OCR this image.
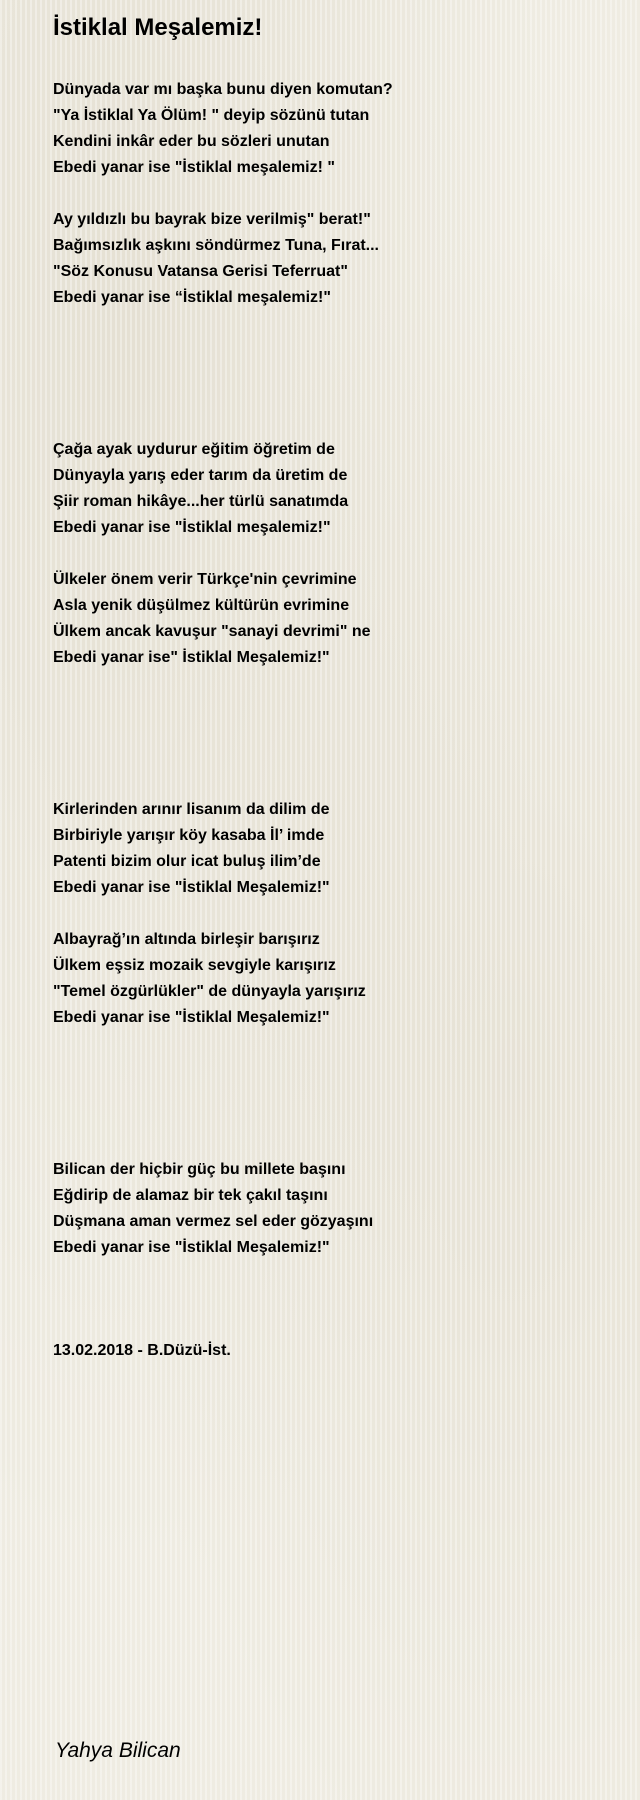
İstiklal Meşalemiz!
Dünyada var mı başka bunu diyen komutan?
"Ya İstiklal Ya Ölüm! " deyip sözünü tutan
Kendini inkâr eder bu sözleri unutan
Ebedi yanar ise "İstiklal meşalemiz! "
Ay yıldızlı bu bayrak bize verilmiş" berat!"
Bağımsızlık aşkını söndürmez Tuna, Fırat...
"Söz Konusu Vatansa Gerisi Teferruat"
Ebedi yanar ise “İstiklal meşalemiz!"
Çağa ayak uydurur eğitim öğretim de
Dünyayla yarış eder tarım da üretim de
Şiir roman hikâye...her türlü sanatımda
Ebedi yanar ise "İstiklal meşalemiz!"
Ülkeler önem verir Türkçe'nin çevrimine
Asla yenik düşülmez kültürün evrimine
Ülkem ancak kavuşur "sanayi devrimi" ne
Ebedi yanar ise" İstiklal Meşalemiz!"
Kirlerinden arınır lisanım da dilim de
Birbiriyle yarışır köy kasaba İl’ imde
Patenti bizim olur icat buluş ilim’de
Ebedi yanar ise "İstiklal Meşalemiz!"
Albayrağ’ın altında birleşir barışırız
Ülkem eşsiz mozaik sevgiyle karışırız
"Temel özgürlükler" de dünyayla yarışırız
Ebedi yanar ise "İstiklal Meşalemiz!"
Bilican der hiçbir güç bu millete başını
Eğdirip de alamaz bir tek çakıl taşını
Düşmana aman vermez sel eder gözyaşını
Ebedi yanar ise "İstiklal Meşalemiz!"
13.02.2018 - B.Düzü-İst.
Yahya Bilican
